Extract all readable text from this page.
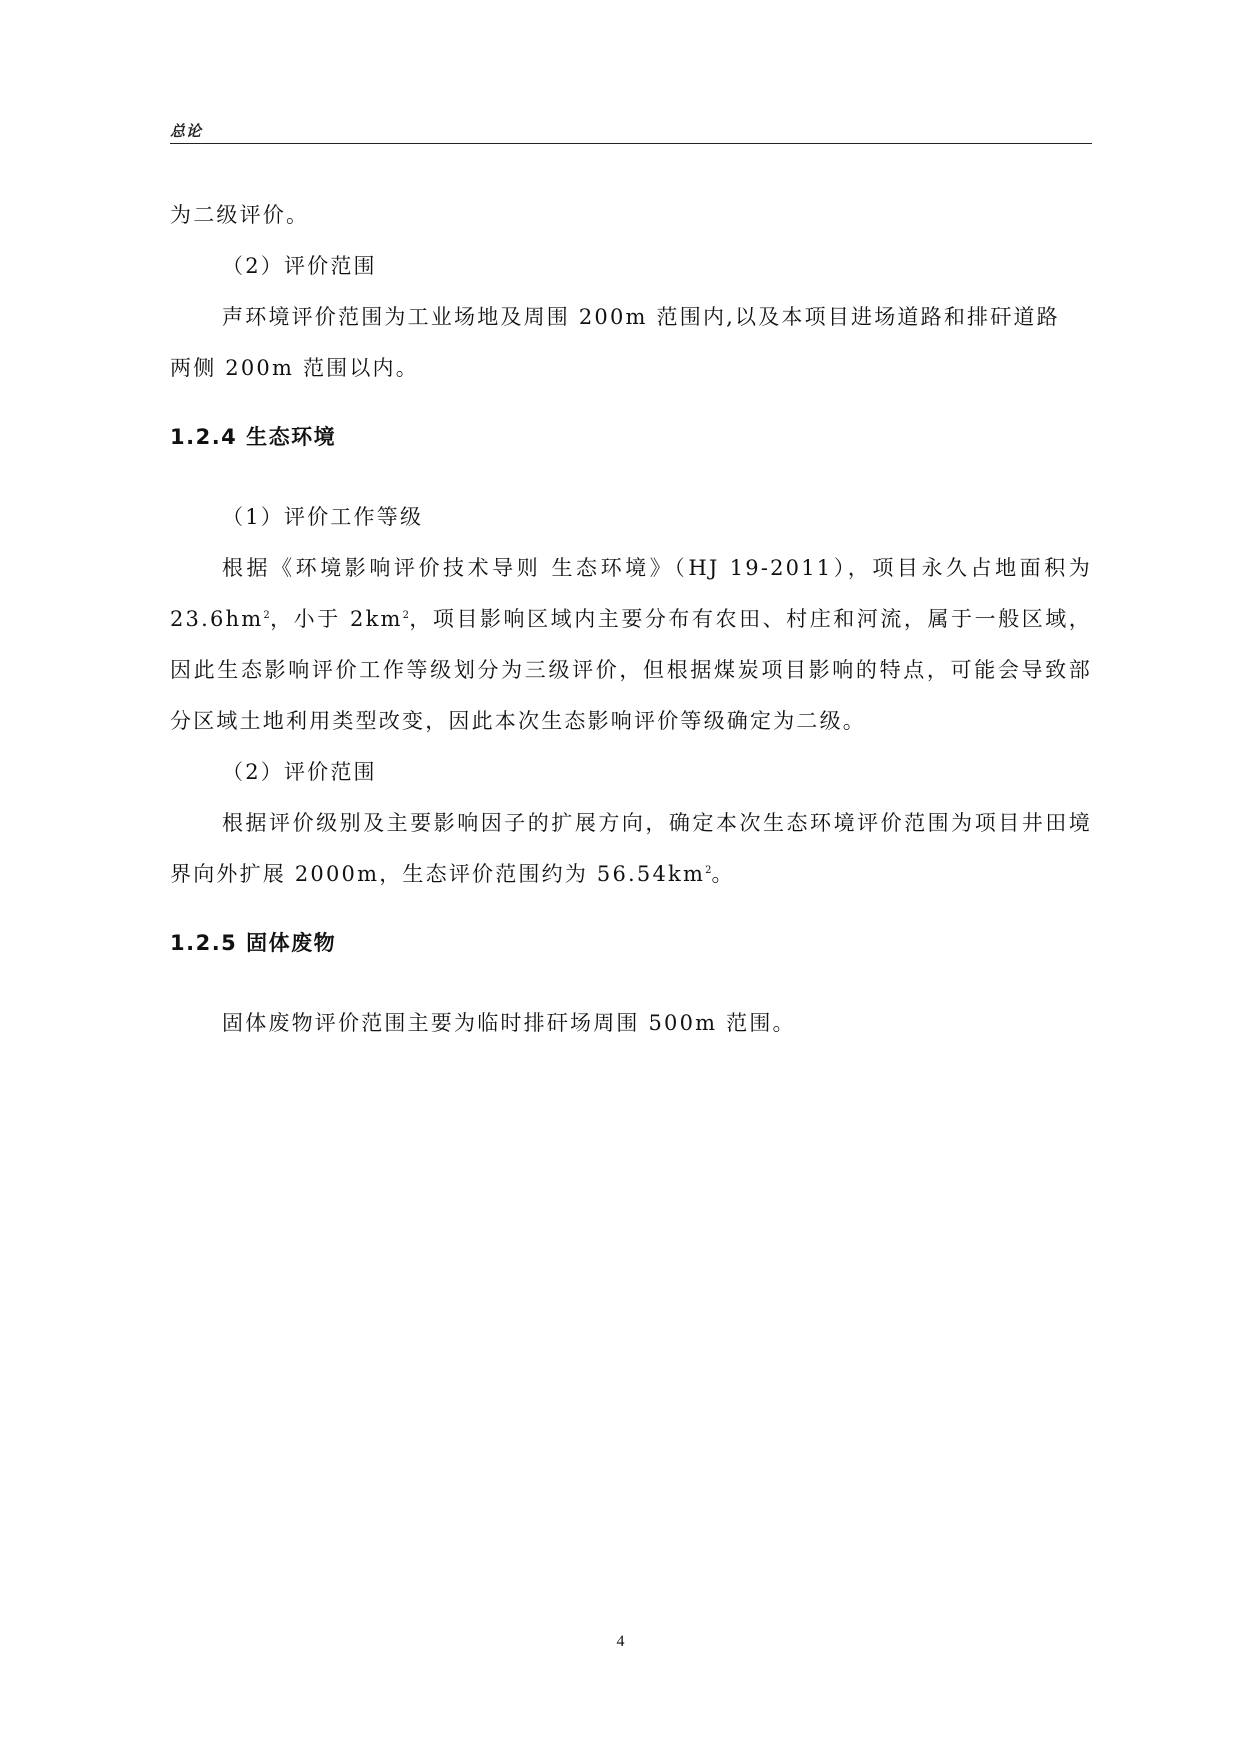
总论

为二级评价。

（2）评价范围

声环境评价范围为工业场地及周围 200m 范围内,以及本项目进场道路和排矸道路

两侧 200m 范围以内。

1.2.4 生态环境

（1）评价工作等级

根据《环境影响评价技术导则 生态环境》（HJ 19-2011），项目永久占地面积为$23.6hm^2$，小于 $2km^2$，项目影响区域内主要分布有农田、村庄和河流，属于一般区域，因此生态影响评价工作等级划分为三级评价，但根据煤炭项目影响的特点，可能会导致部分区域土地利用类型改变，因此本次生态影响评价等级确定为二级。

（2）评价范围

根据评价级别及主要影响因子的扩展方向，确定本次生态环境评价范围为项目井田境界向外扩展 2000m，生态评价范围约为 $56.54km^2$。

1.2.5 固体废物

固体废物评价范围主要为临时排矸场周围 500m 范围。

4
